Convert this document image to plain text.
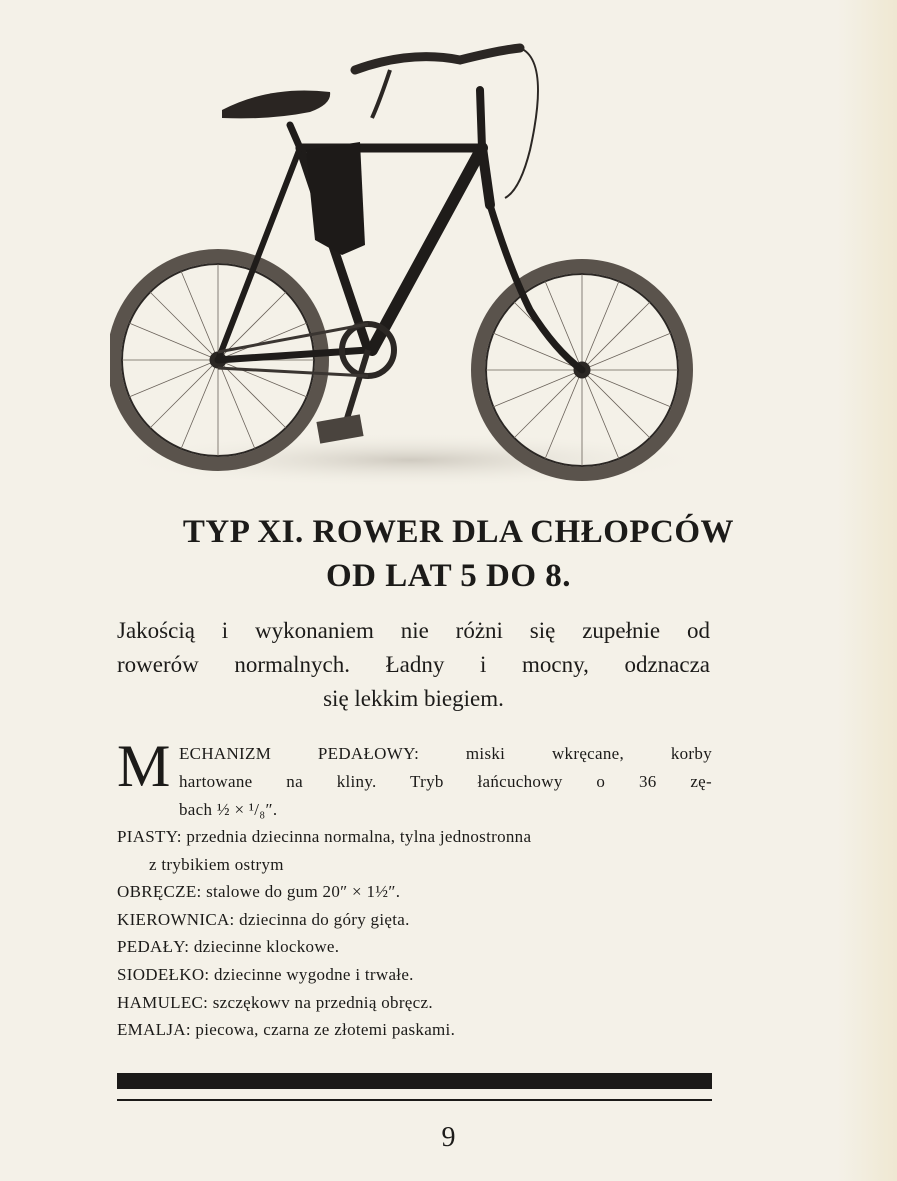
TYP XI. ROWER DLA CHŁOPCÓW
OD LAT 5 DO 8.
Jakością i wykonaniem nie różni się zupełnie od
rowerów normalnych. Ładny i mocny, odznacza
się lekkim biegiem.
M ECHANIZM PEDAŁOWY: miski wkręcane, korby
hartowane na kliny. Tryb łańcuchowy o 36 zę-
bach ½ × ¹/₈″.
PIASTY: przednia dziecinna normalna, tylna jednostronna
z trybikiem ostrym
OBRĘCZE: stalowe do gum 20″ × 1½″.
KIEROWNICA: dziecinna do góry gięta.
PEDAŁY: dziecinne klockowe.
SIODEŁKO: dziecinne wygodne i trwałe.
HAMULEC: szczękowv na przednią obręcz.
EMALJA: piecowa, czarna ze złotemi paskami.
9
